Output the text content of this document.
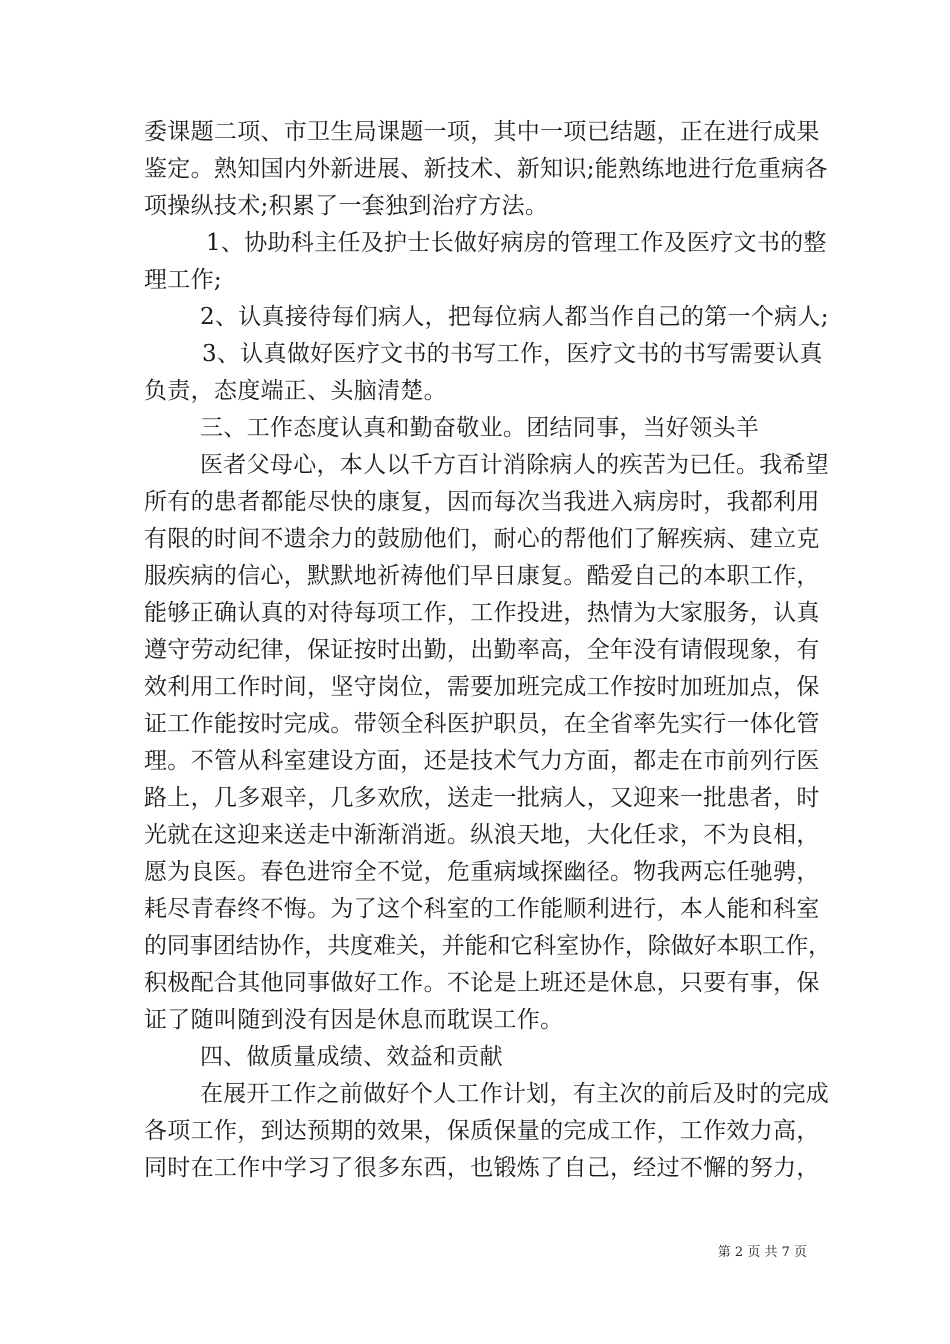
委课题二项、市卫生局课题一项，其中一项已结题，正在进行成果
鉴定。熟知国内外新进展、新技术、新知识;能熟练地进行危重病各
项操纵技术;积累了一套独到治疗方法。
1、协助科主任及护士长做好病房的管理工作及医疗文书的整
理工作;
2、认真接待每们病人，把每位病人都当作自己的第一个病人;
3、认真做好医疗文书的书写工作，医疗文书的书写需要认真
负责，态度端正、头脑清楚。
三、工作态度认真和勤奋敬业。团结同事，当好领头羊
医者父母心，本人以千方百计消除病人的疾苦为已任。我希望
所有的患者都能尽快的康复，因而每次当我进入病房时，我都利用
有限的时间不遗余力的鼓励他们，耐心的帮他们了解疾病、建立克
服疾病的信心，默默地祈祷他们早日康复。酷爱自己的本职工作，
能够正确认真的对待每项工作，工作投进，热情为大家服务，认真
遵守劳动纪律，保证按时出勤，出勤率高，全年没有请假现象，有
效利用工作时间，坚守岗位，需要加班完成工作按时加班加点，保
证工作能按时完成。带领全科医护职员，在全省率先实行一体化管
理。不管从科室建设方面，还是技术气力方面，都走在市前列行医
路上，几多艰辛，几多欢欣，送走一批病人，又迎来一批患者，时
光就在这迎来送走中渐渐消逝。纵浪天地，大化任求，不为良相，
愿为良医。春色进帘全不觉，危重病域探幽径。物我两忘任驰骋，
耗尽青春终不悔。为了这个科室的工作能顺利进行，本人能和科室
的同事团结协作，共度难关，并能和它科室协作，除做好本职工作，
积极配合其他同事做好工作。不论是上班还是休息，只要有事，保
证了随叫随到没有因是休息而耽误工作。
四、做质量成绩、效益和贡献
在展开工作之前做好个人工作计划，有主次的前后及时的完成
各项工作，到达预期的效果，保质保量的完成工作，工作效力高，
同时在工作中学习了很多东西，也锻炼了自己，经过不懈的努力，
第 2 页 共 7 页
